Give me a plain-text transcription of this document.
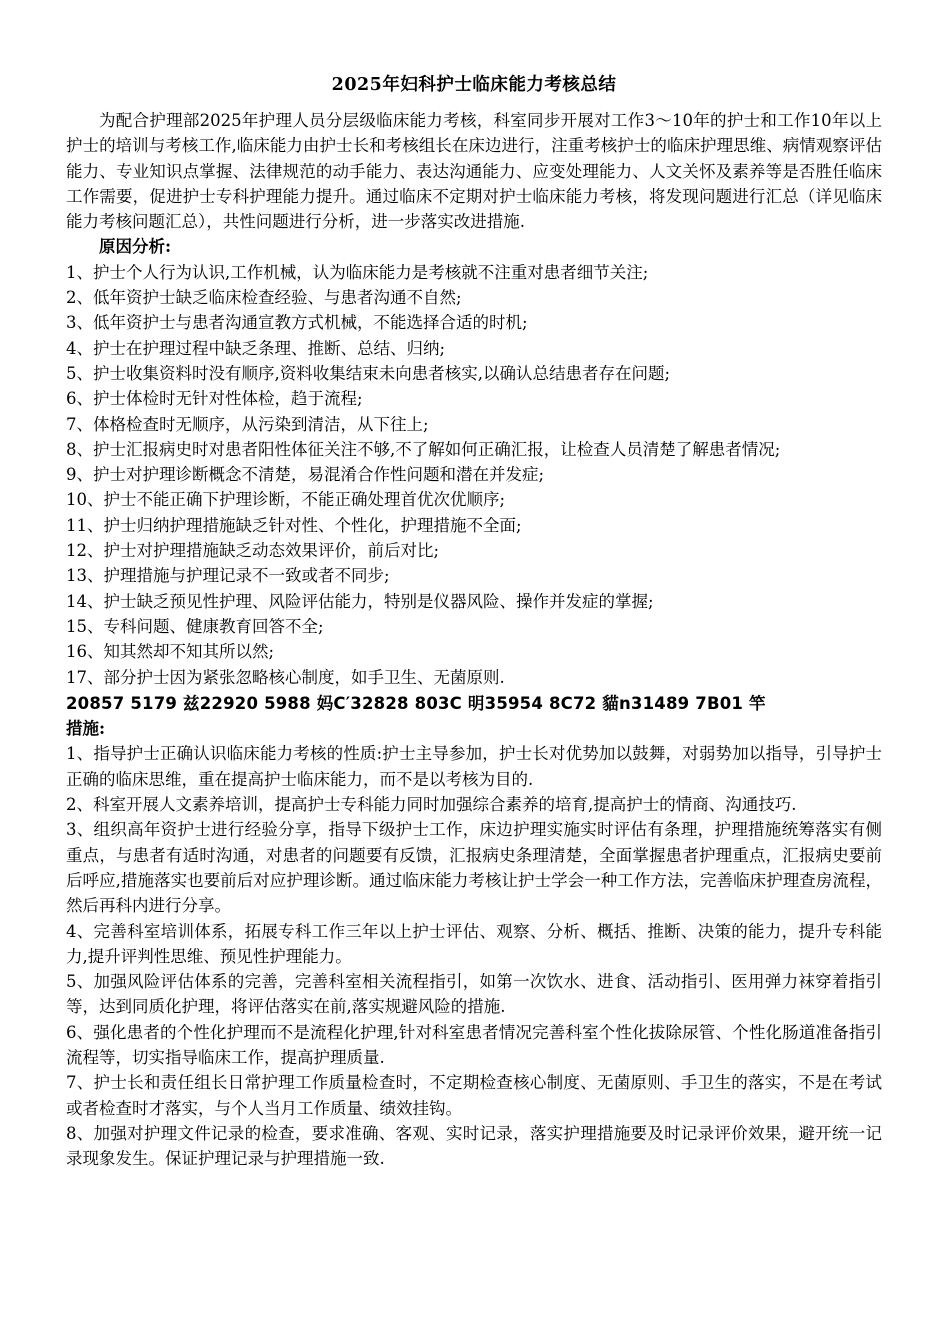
2025年妇科护士临床能力考核总结

为配合护理部2025年护理人员分层级临床能力考核，科室同步开展对工作3～10年的护士和工作10年以上护士的培训与考核工作,临床能力由护士长和考核组长在床边进行，注重考核护士的临床护理思维、病情观察评估能力、专业知识点掌握、法律规范的动手能力、表达沟通能力、应变处理能力、人文关怀及素养等是否胜任临床工作需要，促进护士专科护理能力提升。通过临床不定期对护士临床能力考核，将发现问题进行汇总（详见临床能力考核问题汇总），共性问题进行分析，进一步落实改进措施.

原因分析:

1、护士个人行为认识,工作机械，认为临床能力是考核就不注重对患者细节关注;
2、低年资护士缺乏临床检查经验、与患者沟通不自然;
3、低年资护士与患者沟通宣教方式机械，不能选择合适的时机;
4、护士在护理过程中缺乏条理、推断、总结、归纳;
5、护士收集资料时没有顺序,资料收集结束未向患者核实,以确认总结患者存在问题;
6、护士体检时无针对性体检，趋于流程;
7、体格检查时无顺序，从污染到清洁，从下往上;
8、护士汇报病史时对患者阳性体征关注不够,不了解如何正确汇报，让检查人员清楚了解患者情况;
9、护士对护理诊断概念不清楚，易混淆合作性问题和潜在并发症;
10、护士不能正确下护理诊断，不能正确处理首优次优顺序;
11、护士归纳护理措施缺乏针对性、个性化，护理措施不全面;
12、护士对护理措施缺乏动态效果评价，前后对比;
13、护理措施与护理记录不一致或者不同步;
14、护士缺乏预见性护理、风险评估能力，特别是仪器风险、操作并发症的掌握;
15、专科问题、健康教育回答不全;
16、知其然却不知其所以然;
17、部分护士因为紧张忽略核心制度，如手卫生、无菌原则.

20857 5179 兹22920 5988 妈C′32828 803C 明35954 8C72 貓n31489 7B01 竿

措施:

1、指导护士正确认识临床能力考核的性质:护士主导参加，护士长对优势加以鼓舞，对弱势加以指导，引导护士正确的临床思维，重在提高护士临床能力，而不是以考核为目的.
2、科室开展人文素养培训，提高护士专科能力同时加强综合素养的培育,提高护士的情商、沟通技巧.
3、组织高年资护士进行经验分享，指导下级护士工作，床边护理实施实时评估有条理，护理措施统筹落实有侧重点，与患者有适时沟通，对患者的问题要有反馈，汇报病史条理清楚，全面掌握患者护理重点，汇报病史要前后呼应,措施落实也要前后对应护理诊断。通过临床能力考核让护士学会一种工作方法，完善临床护理查房流程，然后再科内进行分享。
4、完善科室培训体系，拓展专科工作三年以上护士评估、观察、分析、概括、推断、决策的能力，提升专科能力,提升评判性思维、预见性护理能力。
5、加强风险评估体系的完善，完善科室相关流程指引，如第一次饮水、进食、活动指引、医用弹力袜穿着指引等，达到同质化护理，将评估落实在前,落实规避风险的措施.
6、强化患者的个性化护理而不是流程化护理,针对科室患者情况完善科室个性化拔除尿管、个性化肠道准备指引流程等，切实指导临床工作，提高护理质量.
7、护士长和责任组长日常护理工作质量检查时，不定期检查核心制度、无菌原则、手卫生的落实，不是在考试或者检查时才落实，与个人当月工作质量、绩效挂钩。
8、加强对护理文件记录的检查，要求准确、客观、实时记录，落实护理措施要及时记录评价效果，避开统一记录现象发生。保证护理记录与护理措施一致.
